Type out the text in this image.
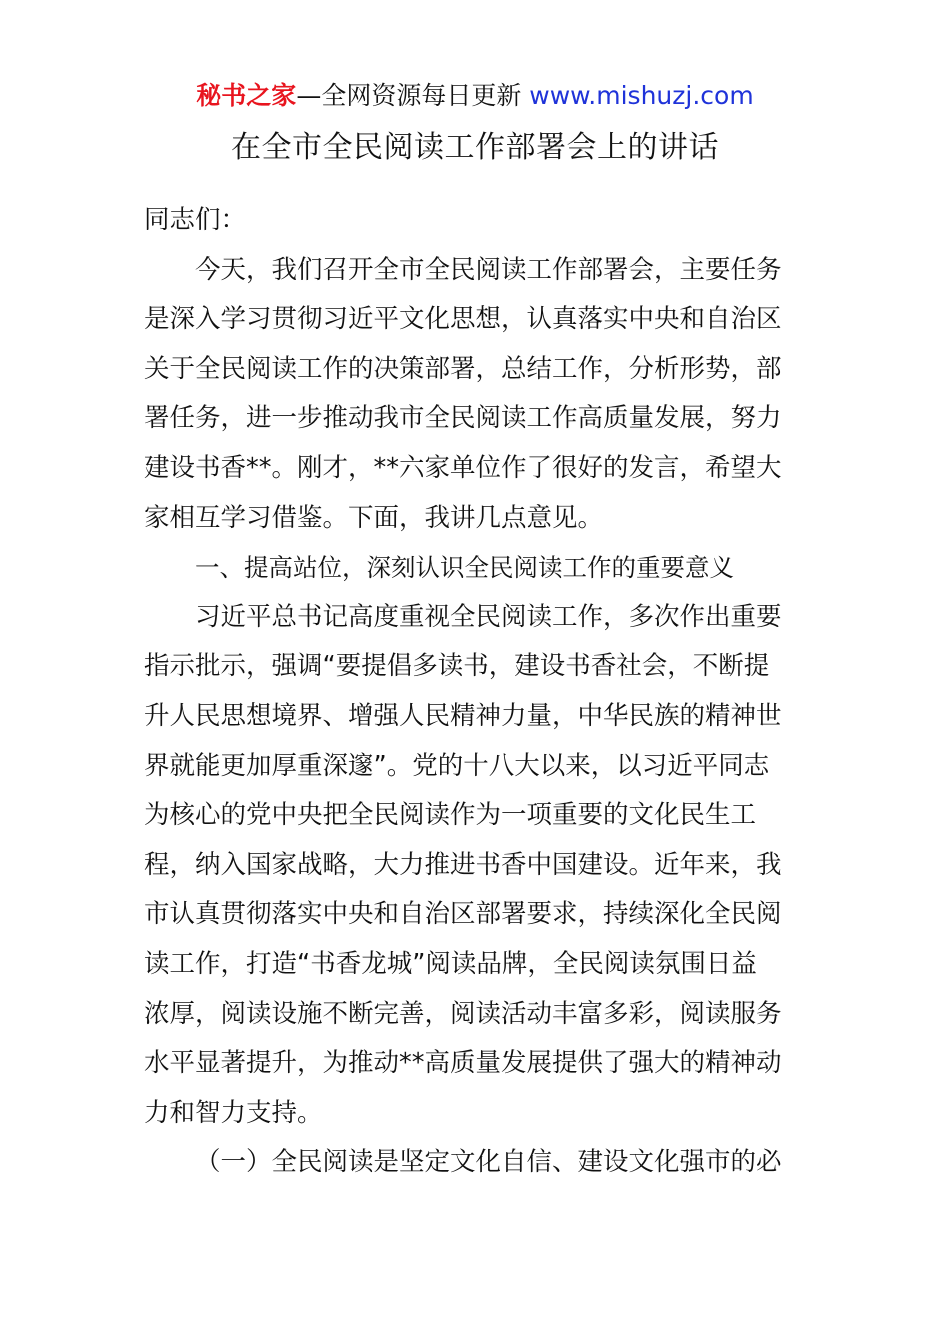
秘书之家—全网资源每日更新 www.mishuzj.com
在全市全民阅读工作部署会上的讲话
同志们：
今天，我们召开全市全民阅读工作部署会，主要任务
是深入学习贯彻习近平文化思想，认真落实中央和自治区
关于全民阅读工作的决策部署，总结工作，分析形势，部
署任务，进一步推动我市全民阅读工作高质量发展，努力
建设书香**。刚才，**六家单位作了很好的发言，希望大
家相互学习借鉴。下面，我讲几点意见。
一、提高站位，深刻认识全民阅读工作的重要意义
习近平总书记高度重视全民阅读工作，多次作出重要
指示批示，强调“要提倡多读书，建设书香社会，不断提
升人民思想境界、增强人民精神力量，中华民族的精神世
界就能更加厚重深邃”。党的十八大以来，以习近平同志
为核心的党中央把全民阅读作为一项重要的文化民生工
程，纳入国家战略，大力推进书香中国建设。近年来，我
市认真贯彻落实中央和自治区部署要求，持续深化全民阅
读工作，打造“书香龙城”阅读品牌，全民阅读氛围日益
浓厚，阅读设施不断完善，阅读活动丰富多彩，阅读服务
水平显著提升，为推动**高质量发展提供了强大的精神动
力和智力支持。
（一）全民阅读是坚定文化自信、建设文化强市的必
